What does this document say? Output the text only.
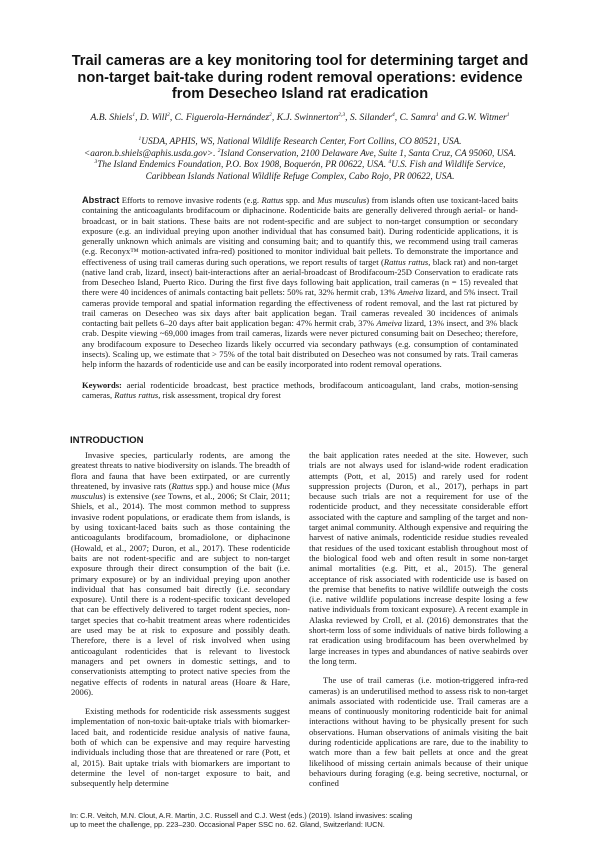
Trail cameras are a key monitoring tool for determining target and
non-target bait-take during rodent removal operations: evidence
from Desecheo Island rat eradication
A.B. Shiels$^1$, D. Will$^2$, C. Figuerola-Hernández$^2$, K.J. Swinnerton$^{2,3}$, S. Silander$^4$, C. Samra$^1$ and G.W. Witmer$^1$
$^1$USDA, APHIS, WS, National Wildlife Research Center, Fort Collins, CO 80521, USA.
<aaron.b.shiels@aphis.usda.gov>. $^2$Island Conservation, 2100 Delaware Ave, Suite 1, Santa Cruz, CA 95060, USA.
$^3$The Island Endemics Foundation, P.O. Box 1908, Boquerón, PR 00622, USA. $^4$U.S. Fish and Wildlife Service,
Caribbean Islands National Wildlife Refuge Complex, Cabo Rojo, PR 00622, USA.
Abstract Efforts to remove invasive rodents (e.g. Rattus spp. and Mus musculus) from islands often use toxicant-laced baits containing the anticoagulants brodifacoum or diphacinone. Rodenticide baits are generally delivered through aerial- or hand-broadcast, or in bait stations. These baits are not rodent-specific and are subject to non-target consumption or secondary exposure (e.g. an individual preying upon another individual that has consumed bait). During rodenticide applications, it is generally unknown which animals are visiting and consuming bait; and to quantify this, we recommend using trail cameras (e.g. Reconyx™ motion-activated infra-red) positioned to monitor individual bait pellets. To demonstrate the importance and effectiveness of using trail cameras during such operations, we report results of target (Rattus rattus, black rat) and non-target (native land crab, lizard, insect) bait-interactions after an aerial-broadcast of Brodifacoum-25D Conservation to eradicate rats from Desecheo Island, Puerto Rico. During the first five days following bait application, trail cameras (n = 15) revealed that there were 40 incidences of animals contacting bait pellets: 50% rat, 32% hermit crab, 13% Ameiva lizard, and 5% insect. Trail cameras provide temporal and spatial information regarding the effectiveness of rodent removal, and the last rat pictured by trail cameras on Desecheo was six days after bait application began. Trail cameras revealed 30 incidences of animals contacting bait pellets 6–20 days after bait application began: 47% hermit crab, 37% Ameiva lizard, 13% insect, and 3% black crab. Despite viewing ~69,000 images from trail cameras, lizards were never pictured consuming bait on Desecheo; therefore, any brodifacoum exposure to Desecheo lizards likely occurred via secondary pathways (e.g. consumption of contaminated insects). Scaling up, we estimate that > 75% of the total bait distributed on Desecheo was not consumed by rats. Trail cameras help inform the hazards of rodenticide use and can be easily incorporated into rodent removal operations.
Keywords: aerial rodenticide broadcast, best practice methods, brodifacoum anticoagulant, land crabs, motion-sensing cameras, Rattus rattus, risk assessment, tropical dry forest
INTRODUCTION

Invasive species, particularly rodents, are among the greatest threats to native biodiversity on islands. The breadth of flora and fauna that have been extirpated, or are currently threatened, by invasive rats (Rattus spp.) and house mice (Mus musculus) is extensive (see Towns, et al., 2006; St Clair, 2011; Shiels, et al., 2014). The most common method to suppress invasive rodent populations, or eradicate them from islands, is by using toxicant-laced baits such as those containing the anticoagulants brodifacoum, bromadiolone, or diphacinone (Howald, et al., 2007; Duron, et al., 2017). These rodenticide baits are not rodent-specific and are subject to non-target exposure through their direct consumption of the bait (i.e. primary exposure) or by an individual preying upon another individual that has consumed bait directly (i.e. secondary exposure). Until there is a rodent-specific toxicant developed that can be effectively delivered to target rodent species, non-target species that co-habit treatment areas where rodenticides are used may be at risk to exposure and possibly death. Therefore, there is a level of risk involved when using anticoagulant rodenticides that is relevant to livestock managers and pet owners in domestic settings, and to conservationists attempting to protect native species from the negative effects of rodents in natural areas (Hoare & Hare, 2006).

Existing methods for rodenticide risk assessments suggest implementation of non-toxic bait-uptake trials with biomarker-laced bait, and rodenticide residue analysis of native fauna, both of which can be expensive and may require harvesting individuals including those that are threatened or rare (Pott, et al, 2015). Bait uptake trials with biomarkers are important to determine the level of non-target exposure to bait, and subsequently help determine

the bait application rates needed at the site. However, such trials are not always used for island-wide rodent eradication attempts (Pott, et al, 2015) and rarely used for rodent suppression projects (Duron, et al., 2017), perhaps in part because such trials are not a requirement for use of the rodenticide product, and they necessitate considerable effort associated with the capture and sampling of the target and non-target animal community. Although expensive and requiring the harvest of native animals, rodenticide residue studies revealed that residues of the used toxicant establish throughout most of the biological food web and often result in some non-target animal mortalities (e.g. Pitt, et al., 2015). The general acceptance of risk associated with rodenticide use is based on the premise that benefits to native wildlife outweigh the costs (i.e. native wildlife populations increase despite losing a few native individuals from toxicant exposure). A recent example in Alaska reviewed by Croll, et al. (2016) demonstrates that the short-term loss of some individuals of native birds following a rat eradication using brodifacoum has been overwhelmed by large increases in types and abundances of native seabirds over the long term.

The use of trail cameras (i.e. motion-triggered infra-red cameras) is an underutilised method to assess risk to non-target animals associated with rodenticide use. Trail cameras are a means of continuously monitoring rodenticide bait for animal interactions without having to be physically present for such observations. Human observations of animals visiting the bait during rodenticide applications are rare, due to the inability to watch more than a few bait pellets at once and the great likelihood of missing certain animals because of their unique behaviours during foraging (e.g. being secretive, nocturnal, or confined

In: C.R. Veitch, M.N. Clout, A.R. Martin, J.C. Russell and C.J. West (eds.) (2019). Island invasives: scaling
up to meet the challenge, pp. 223–230. Occasional Paper SSC no. 62. Gland, Switzerland: IUCN.
